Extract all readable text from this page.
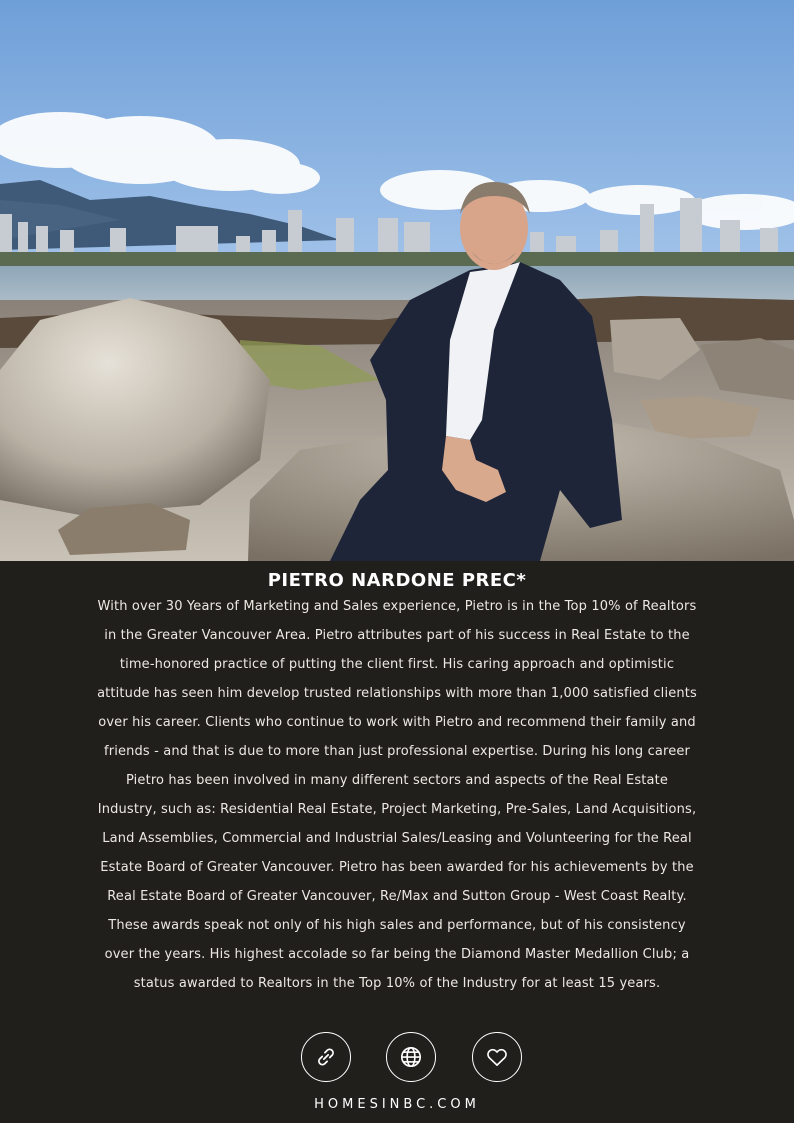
PIETRO NARDONE PREC*

With over 30 Years of Marketing and Sales experience, Pietro is in the Top 10% of Realtors in the Greater Vancouver Area. Pietro attributes part of his success in Real Estate to the time-honored practice of putting the client first. His caring approach and optimistic attitude has seen him develop trusted relationships with more than 1,000 satisfied clients over his career. Clients who continue to work with Pietro and recommend their family and friends - and that is due to more than just professional expertise. During his long career Pietro has been involved in many different sectors and aspects of the Real Estate Industry, such as: Residential Real Estate, Project Marketing, Pre-Sales, Land Acquisitions, Land Assemblies, Commercial and Industrial Sales/Leasing and Volunteering for the Real Estate Board of Greater Vancouver. Pietro has been awarded for his achievements by the Real Estate Board of Greater Vancouver, Re/Max and Sutton Group - West Coast Realty. These awards speak not only of his high sales and performance, but of his consistency over the years. His highest accolade so far being the Diamond Master Medallion Club; a status awarded to Realtors in the Top 10% of the Industry for at least 15 years.

HOMESINBC.COM
